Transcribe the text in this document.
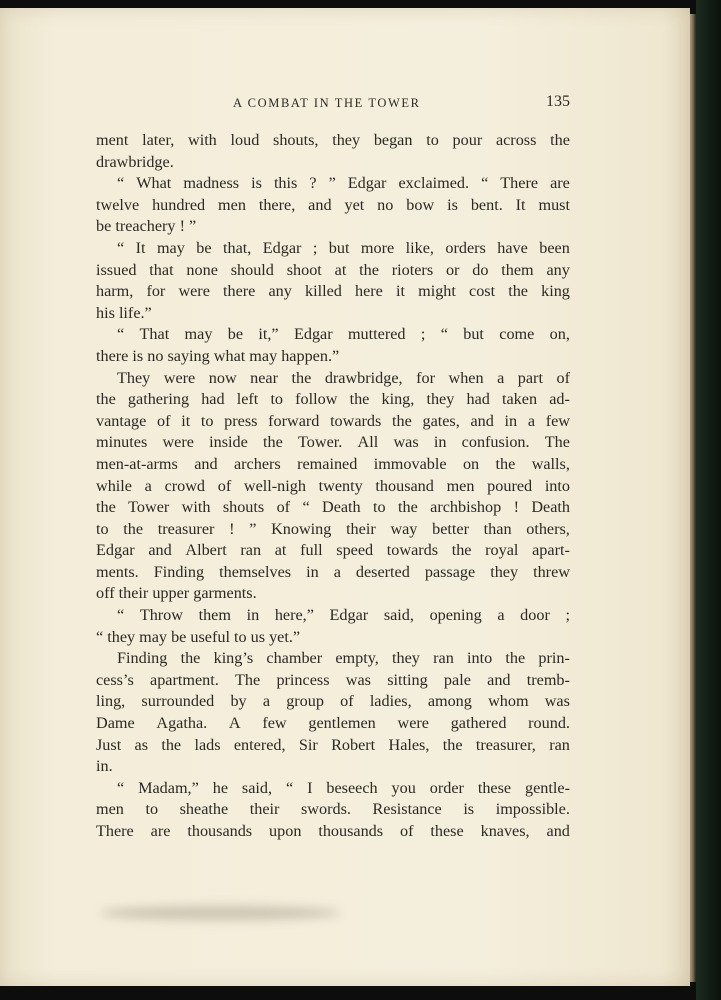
A COMBAT IN THE TOWER	135
ment later, with loud shouts, they began to pour across the
drawbridge.
“ What madness is this ? ” Edgar exclaimed. “ There are
twelve hundred men there, and yet no bow is bent. It must
be treachery ! ”
“ It may be that, Edgar ; but more like, orders have been
issued that none should shoot at the rioters or do them any
harm, for were there any killed here it might cost the king
his life.”
“ That may be it,” Edgar muttered ; “ but come on,
there is no saying what may happen.”
They were now near the drawbridge, for when a part of
the gathering had left to follow the king, they had taken ad-
vantage of it to press forward towards the gates, and in a few
minutes were inside the Tower. All was in confusion. The
men-at-arms and archers remained immovable on the walls,
while a crowd of well-nigh twenty thousand men poured into
the Tower with shouts of “ Death to the archbishop ! Death
to the treasurer ! ” Knowing their way better than others,
Edgar and Albert ran at full speed towards the royal apart-
ments. Finding themselves in a deserted passage they threw
off their upper garments.
“ Throw them in here,” Edgar said, opening a door ;
“ they may be useful to us yet.”
Finding the king’s chamber empty, they ran into the prin-
cess’s apartment. The princess was sitting pale and tremb-
ling, surrounded by a group of ladies, among whom was
Dame Agatha. A few gentlemen were gathered round.
Just as the lads entered, Sir Robert Hales, the treasurer, ran
in.
“ Madam,” he said, “ I beseech you order these gentle-
men to sheathe their swords. Resistance is impossible.
There are thousands upon thousands of these knaves, and
